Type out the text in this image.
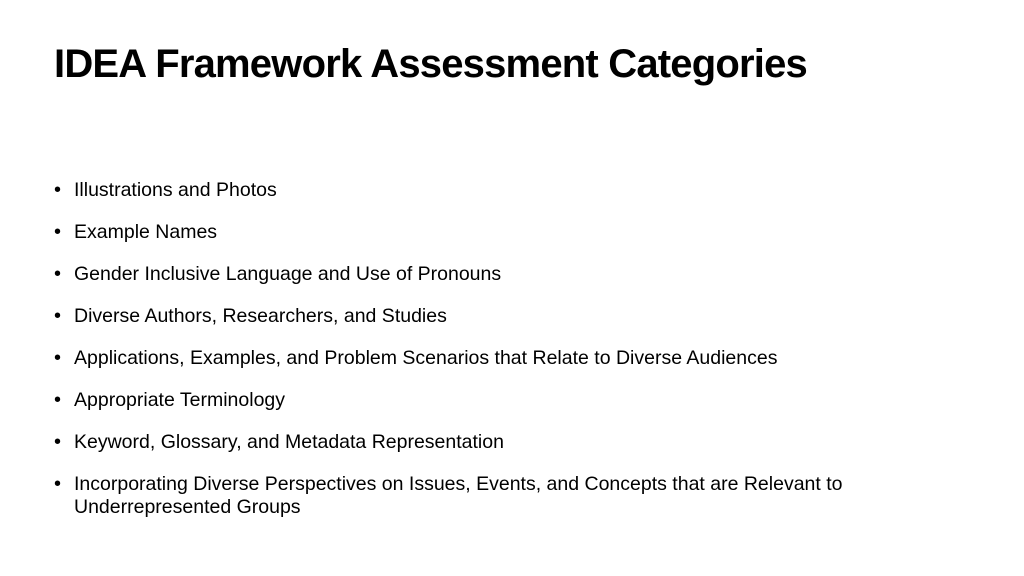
IDEA Framework Assessment Categories
• Illustrations and Photos
• Example Names
• Gender Inclusive Language and Use of Pronouns
• Diverse Authors, Researchers, and Studies
• Applications, Examples, and Problem Scenarios that Relate to Diverse Audiences
• Appropriate Terminology
• Keyword, Glossary, and Metadata Representation
• Incorporating Diverse Perspectives on Issues, Events, and Concepts that are Relevant to Underrepresented Groups
